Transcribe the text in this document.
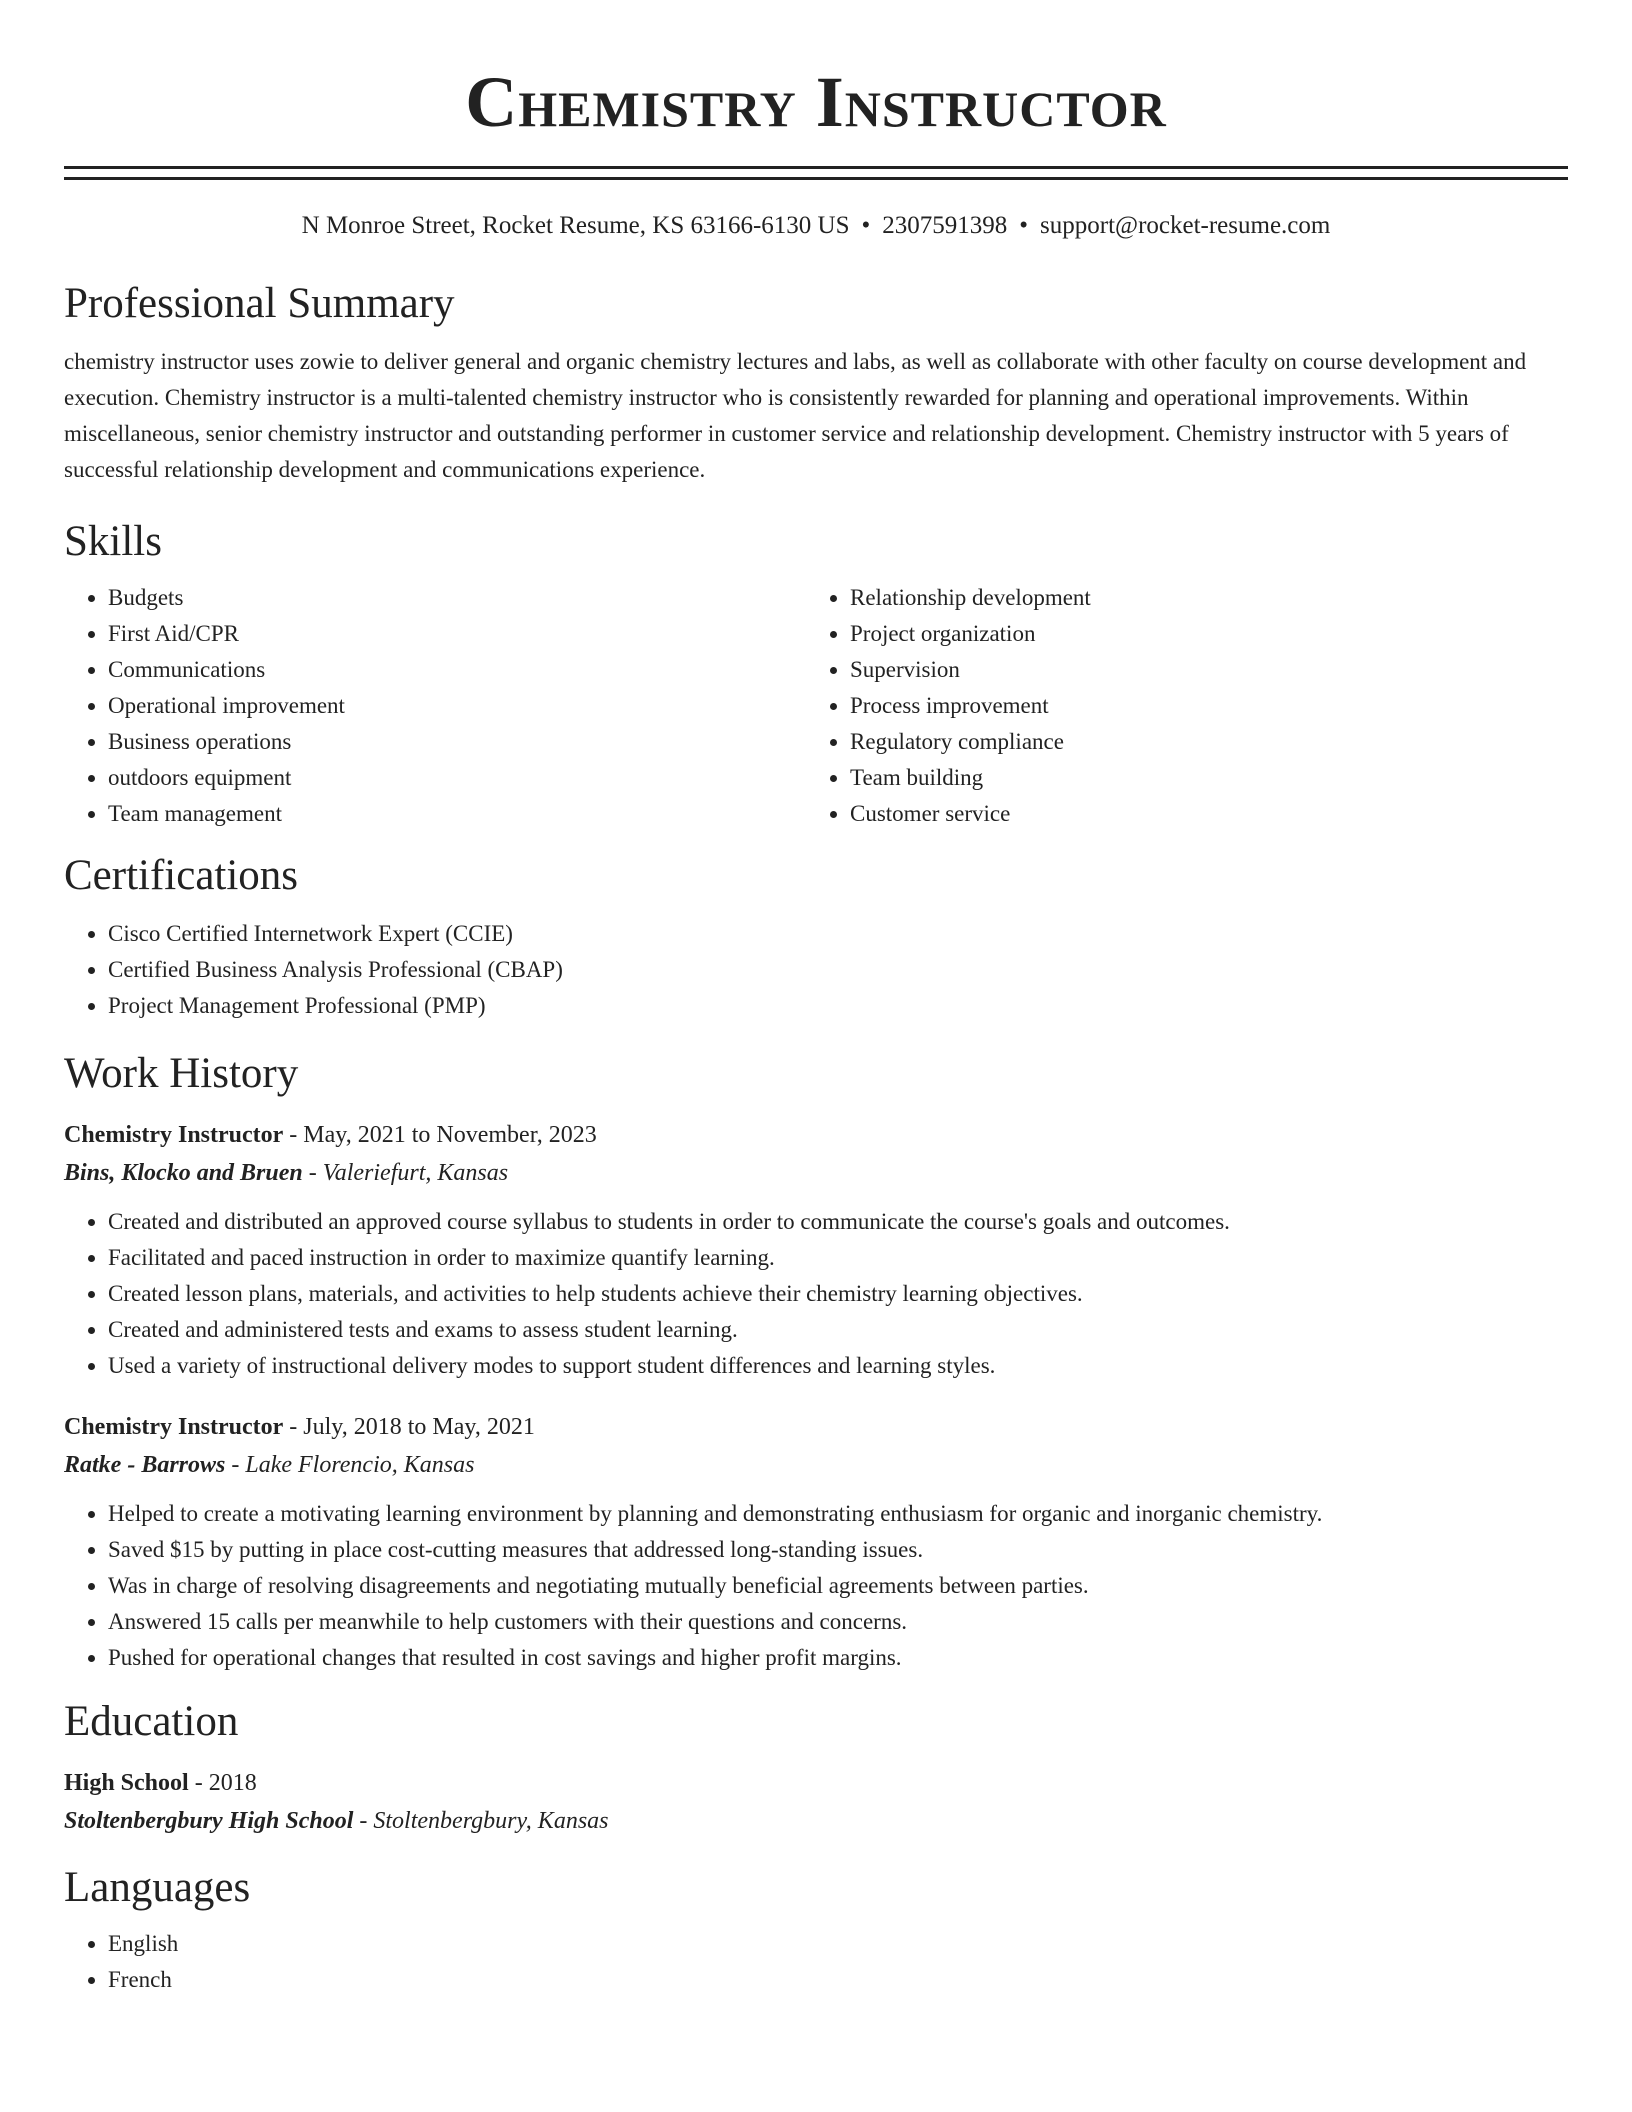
Chemistry Instructor
N Monroe Street, Rocket Resume, KS 63166-6130 US • 2307591398 • support@rocket-resume.com
Professional Summary
chemistry instructor uses zowie to deliver general and organic chemistry lectures and labs, as well as collaborate with other faculty on course development and execution. Chemistry instructor is a multi-talented chemistry instructor who is consistently rewarded for planning and operational improvements. Within miscellaneous, senior chemistry instructor and outstanding performer in customer service and relationship development. Chemistry instructor with 5 years of successful relationship development and communications experience.
Skills
• Budgets
• First Aid/CPR
• Communications
• Operational improvement
• Business operations
• outdoors equipment
• Team management
• Relationship development
• Project organization
• Supervision
• Process improvement
• Regulatory compliance
• Team building
• Customer service
Certifications
• Cisco Certified Internetwork Expert (CCIE)
• Certified Business Analysis Professional (CBAP)
• Project Management Professional (PMP)
Work History
Chemistry Instructor - May, 2021 to November, 2023
Bins, Klocko and Bruen - Valeriefurt, Kansas
• Created and distributed an approved course syllabus to students in order to communicate the course's goals and outcomes.
• Facilitated and paced instruction in order to maximize quantify learning.
• Created lesson plans, materials, and activities to help students achieve their chemistry learning objectives.
• Created and administered tests and exams to assess student learning.
• Used a variety of instructional delivery modes to support student differences and learning styles.
Chemistry Instructor - July, 2018 to May, 2021
Ratke - Barrows - Lake Florencio, Kansas
• Helped to create a motivating learning environment by planning and demonstrating enthusiasm for organic and inorganic chemistry.
• Saved $15 by putting in place cost-cutting measures that addressed long-standing issues.
• Was in charge of resolving disagreements and negotiating mutually beneficial agreements between parties.
• Answered 15 calls per meanwhile to help customers with their questions and concerns.
• Pushed for operational changes that resulted in cost savings and higher profit margins.
Education
High School - 2018
Stoltenbergbury High School - Stoltenbergbury, Kansas
Languages
• English
• French
